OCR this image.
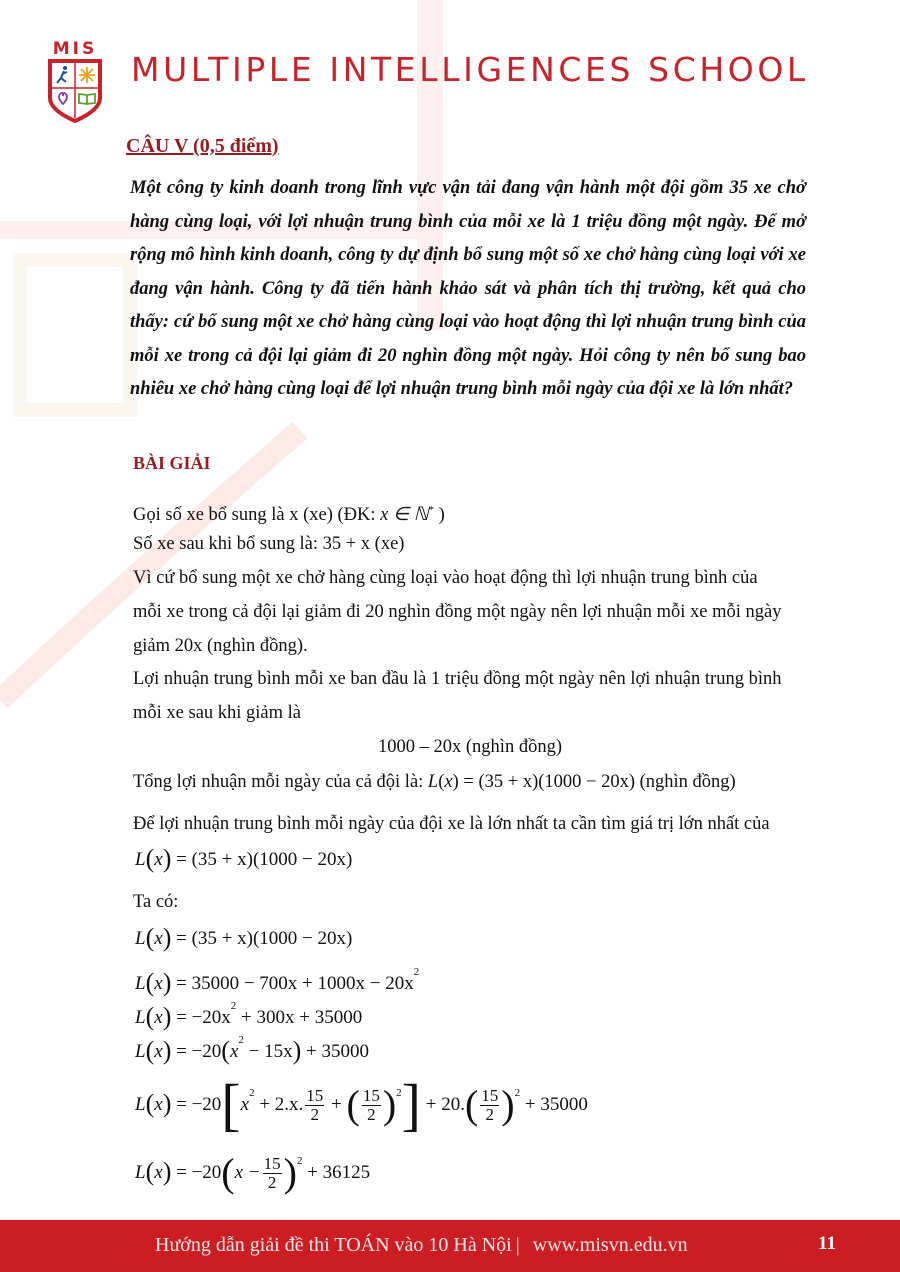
MIS
MULTIPLE INTELLIGENCES SCHOOL
CÂU V (0,5 điểm)

Một công ty kinh doanh trong lĩnh vực vận tải đang vận hành một đội gồm 35 xe chở hàng cùng loại, với lợi nhuận trung bình của mỗi xe là 1 triệu đồng một ngày. Để mở rộng mô hình kinh doanh, công ty dự định bổ sung một số xe chở hàng cùng loại với xe đang vận hành. Công ty đã tiến hành khảo sát và phân tích thị trường, kết quả cho thấy: cứ bổ sung một xe chở hàng cùng loại vào hoạt động thì lợi nhuận trung bình của mỗi xe trong cả đội lại giảm đi 20 nghìn đồng một ngày. Hỏi công ty nên bổ sung bao nhiêu xe chở hàng cùng loại để lợi nhuận trung bình mỗi ngày của đội xe là lớn nhất?

BÀI GIẢI
Gọi số xe bổ sung là x (xe) (ĐK: x ∈ ℕ* )
Số xe sau khi bổ sung là: 35 + x (xe)
Vì cứ bổ sung một xe chở hàng cùng loại vào hoạt động thì lợi nhuận trung bình của
mỗi xe trong cả đội lại giảm đi 20 nghìn đồng một ngày nên lợi nhuận mỗi xe mỗi ngày
giảm 20x (nghìn đồng).
Lợi nhuận trung bình mỗi xe ban đầu là 1 triệu đồng một ngày nên lợi nhuận trung bình
mỗi xe sau khi giảm là
1000 – 20x (nghìn đồng)
Tổng lợi nhuận mỗi ngày của cả đội là: L(x) = (35 + x)(1000 − 20x) (nghìn đồng)
Để lợi nhuận trung bình mỗi ngày của đội xe là lớn nhất ta cần tìm giá trị lớn nhất của
L(x) = (35 + x)(1000 − 20x)
Ta có:
L(x) = (35 + x)(1000 − 20x)
$L(x) = 35000 - 700x + 1000x - 20x^2$
$L(x) = -20x^2 + 300x + 35000$
$L(x) = -20(x^2 - 15x) + 35000$
$L(x) = -20[x^2 + 2.x$. $\frac{15}{2}$ + ( $\frac{15}{2} )^2] + 20.( \frac{15}{2} )^2 + 35000$
$L(x) = -20(x - \frac{15}{2} )^2 + 36125$
Hướng dẫn giải đề thi TOÁN vào 10 Hà Nội | www.misvn.edu.vn	11
